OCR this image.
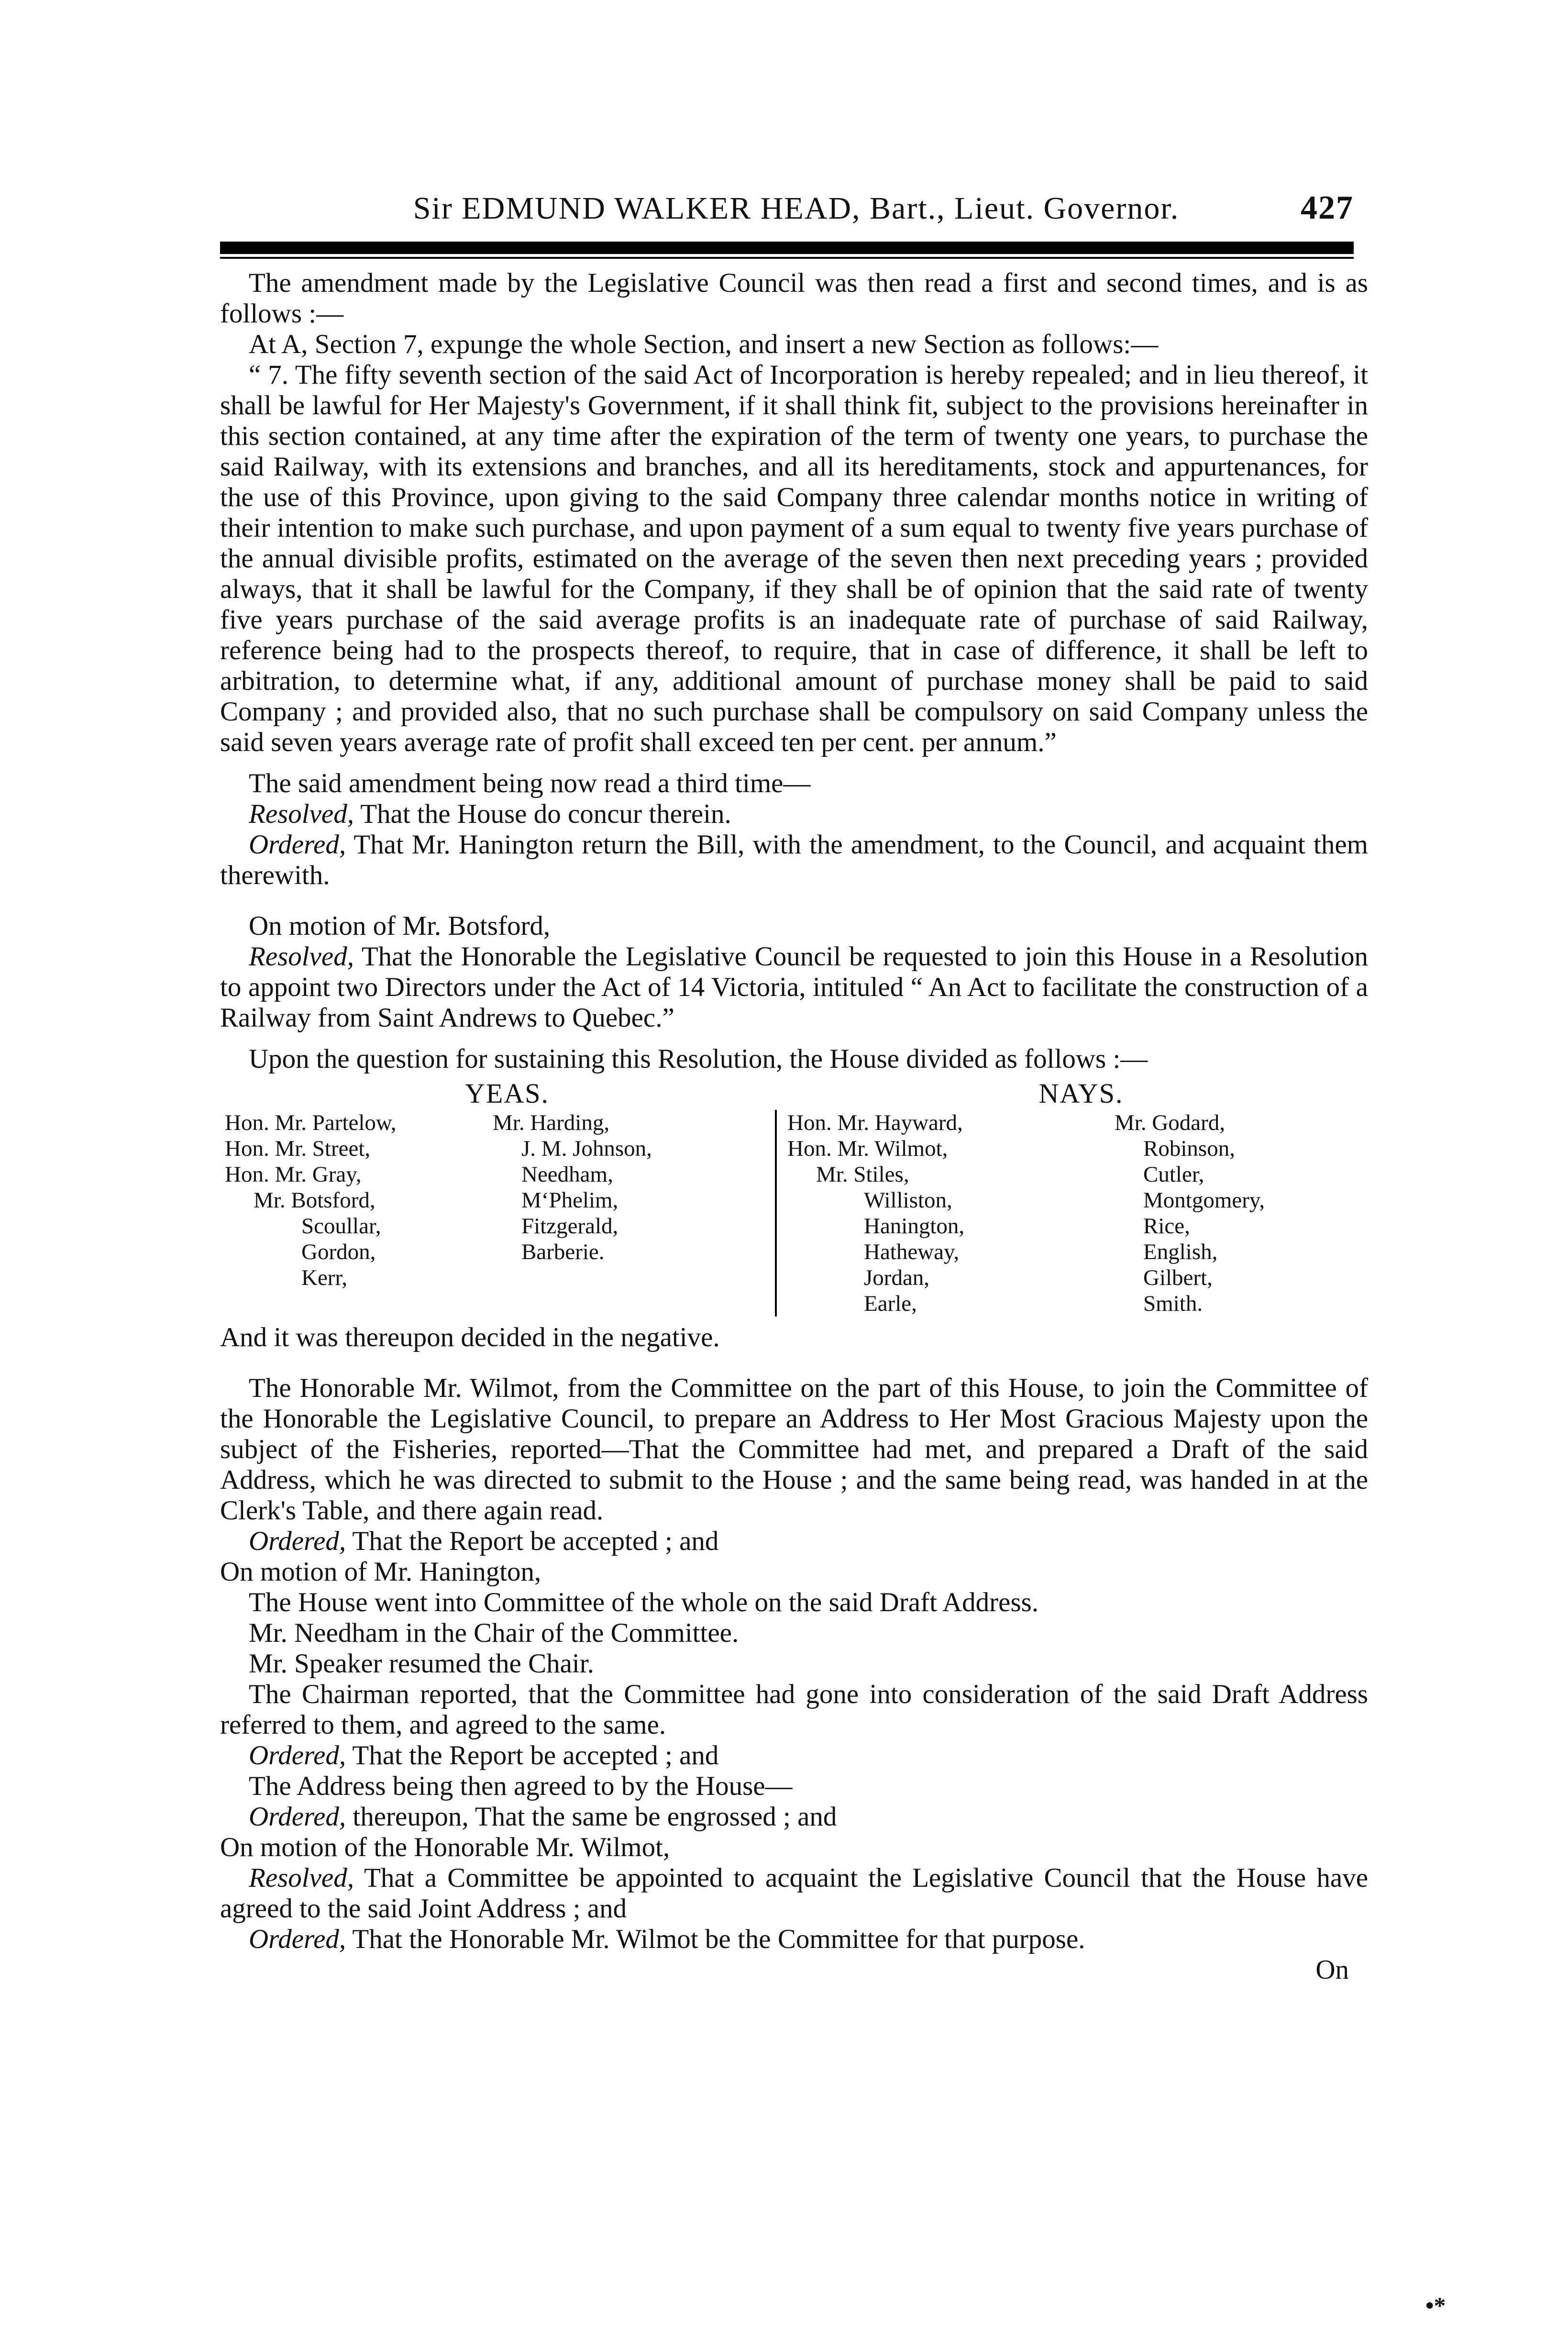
Sir EDMUND WALKER HEAD, Bart., Lieut. Governor.	427

The amendment made by the Legislative Council was then read a first and second times, and is as follows :—

At A, Section 7, expunge the whole Section, and insert a new Section as follows:—

“ 7. The fifty seventh section of the said Act of Incorporation is hereby repealed; and in lieu thereof, it shall be lawful for Her Majesty's Government, if it shall think fit, subject to the provisions hereinafter in this section contained, at any time after the expiration of the term of twenty one years, to purchase the said Railway, with its extensions and branches, and all its hereditaments, stock and appurtenances, for the use of this Province, upon giving to the said Company three calendar months notice in writing of their intention to make such purchase, and upon payment of a sum equal to twenty five years purchase of the annual divisible profits, estimated on the average of the seven then next preceding years ; provided always, that it shall be lawful for the Company, if they shall be of opinion that the said rate of twenty five years purchase of the said average profits is an inadequate rate of purchase of said Railway, reference being had to the prospects thereof, to require, that in case of difference, it shall be left to arbitration, to determine what, if any, additional amount of purchase money shall be paid to said Company ; and provided also, that no such purchase shall be compulsory on said Company unless the said seven years average rate of profit shall exceed ten per cent. per annum.”

The said amendment being now read a third time—

Resolved, That the House do concur therein.

Ordered, That Mr. Hanington return the Bill, with the amendment, to the Council, and acquaint them therewith.

On motion of Mr. Botsford,

Resolved, That the Honorable the Legislative Council be requested to join this House in a Resolution to appoint two Directors under the Act of 14 Victoria, intituled “ An Act to facilitate the construction of a Railway from Saint Andrews to Quebec.”

Upon the question for sustaining this Resolution, the House divided as follows :—

YEAS.	NAYS.
Hon. Mr. Partelow,
Hon. Mr. Street,
Hon. Mr. Gray,
Mr. Botsford,
Scoullar,
Gordon,
Kerr,
Mr. Harding,
J. M. Johnson,
Needham,
M‘Phelim,
Fitzgerald,
Barberie.
Hon. Mr. Hayward,
Hon. Mr. Wilmot,
Mr. Stiles,
Williston,
Hanington,
Hatheway,
Jordan,
Earle,
Mr. Godard,
Robinson,
Cutler,
Montgomery,
Rice,
English,
Gilbert,
Smith.

And it was thereupon decided in the negative.

The Honorable Mr. Wilmot, from the Committee on the part of this House, to join the Committee of the Honorable the Legislative Council, to prepare an Address to Her Most Gracious Majesty upon the subject of the Fisheries, reported—That the Committee had met, and prepared a Draft of the said Address, which he was directed to submit to the House ; and the same being read, was handed in at the Clerk's Table, and there again read.

Ordered, That the Report be accepted ; and

On motion of Mr. Hanington,

The House went into Committee of the whole on the said Draft Address.

Mr. Needham in the Chair of the Committee.

Mr. Speaker resumed the Chair.

The Chairman reported, that the Committee had gone into consideration of the said Draft Address referred to them, and agreed to the same.

Ordered, That the Report be accepted ; and

The Address being then agreed to by the House—

Ordered, thereupon, That the same be engrossed ; and

On motion of the Honorable Mr. Wilmot,

Resolved, That a Committee be appointed to acquaint the Legislative Council that the House have agreed to the said Joint Address ; and

Ordered, That the Honorable Mr. Wilmot be the Committee for that purpose.

On

•*
